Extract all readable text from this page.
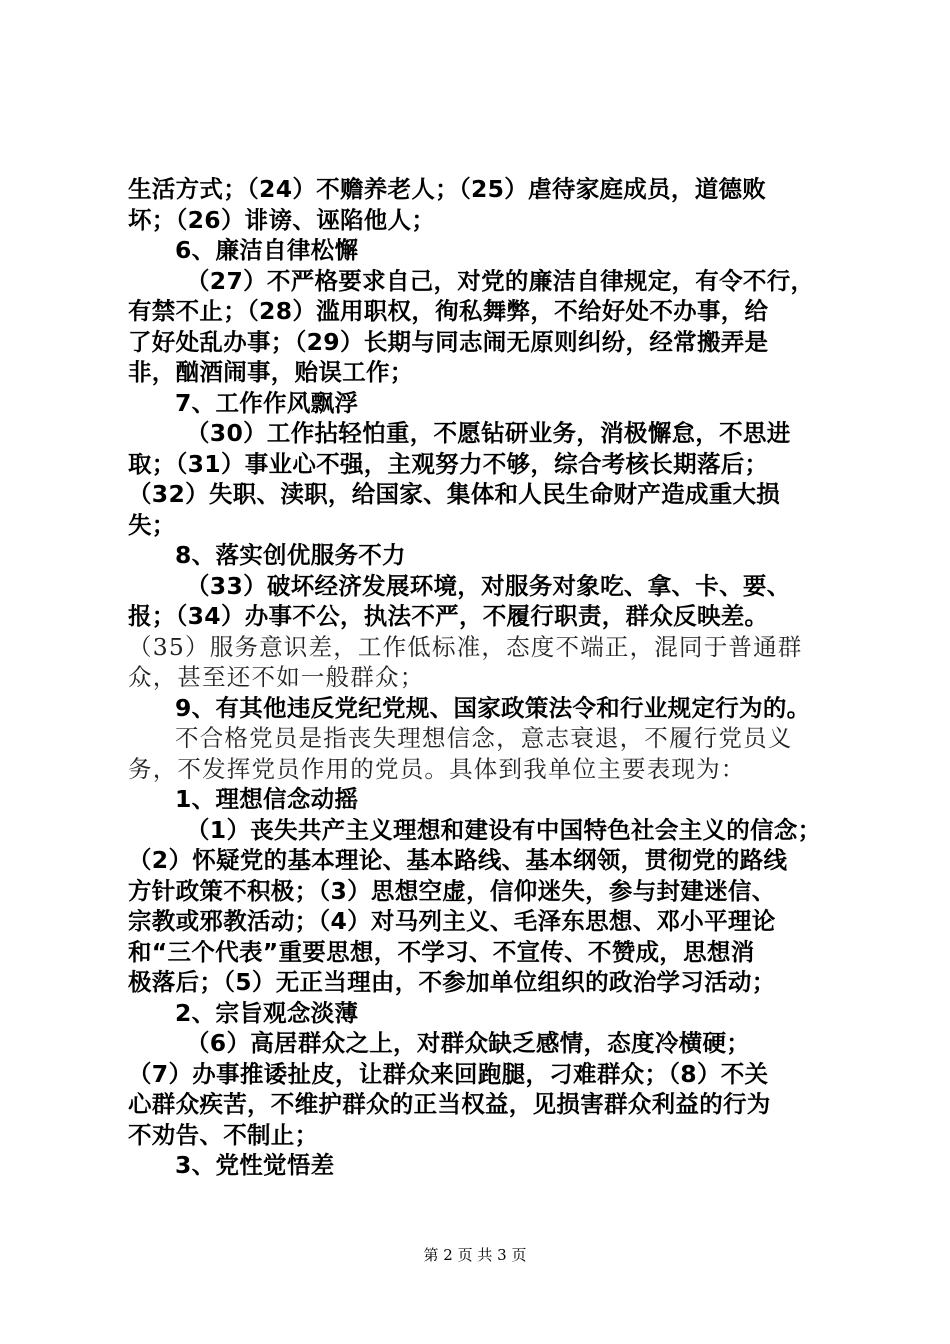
生活方式；（24）不赡养老人；（25）虐待家庭成员，道德败
坏；（26）诽谤、诬陷他人；
6、廉洁自律松懈
（27）不严格要求自己，对党的廉洁自律规定，有令不行，
有禁不止；（28）滥用职权，徇私舞弊，不给好处不办事，给
了好处乱办事；（29）长期与同志闹无原则纠纷，经常搬弄是
非，酗酒闹事，贻误工作；
7、工作作风飘浮
（30）工作拈轻怕重，不愿钻研业务，消极懈怠，不思进
取；（31）事业心不强，主观努力不够，综合考核长期落后；
（32）失职、渎职，给国家、集体和人民生命财产造成重大损
失；
8、落实创优服务不力
（33）破坏经济发展环境，对服务对象吃、拿、卡、要、
报；（34）办事不公，执法不严，不履行职责，群众反映差。
（35）服务意识差，工作低标准，态度不端正，混同于普通群
众，甚至还不如一般群众；
9、有其他违反党纪党规、国家政策法令和行业规定行为的。
不合格党员是指丧失理想信念，意志衰退，不履行党员义
务，不发挥党员作用的党员。具体到我单位主要表现为：
1、理想信念动摇
（1）丧失共产主义理想和建设有中国特色社会主义的信念；
（2）怀疑党的基本理论、基本路线、基本纲领，贯彻党的路线
方针政策不积极；（3）思想空虚，信仰迷失，参与封建迷信、
宗教或邪教活动；（4）对马列主义、毛泽东思想、邓小平理论
和“三个代表”重要思想，不学习、不宣传、不赞成，思想消
极落后；（5）无正当理由，不参加单位组织的政治学习活动；
2、宗旨观念淡薄
（6）高居群众之上，对群众缺乏感情，态度冷横硬；
（7）办事推诿扯皮，让群众来回跑腿，刁难群众；（8）不关
心群众疾苦，不维护群众的正当权益，见损害群众利益的行为
不劝告、不制止；
3、党性觉悟差
第 2 页 共 3 页
